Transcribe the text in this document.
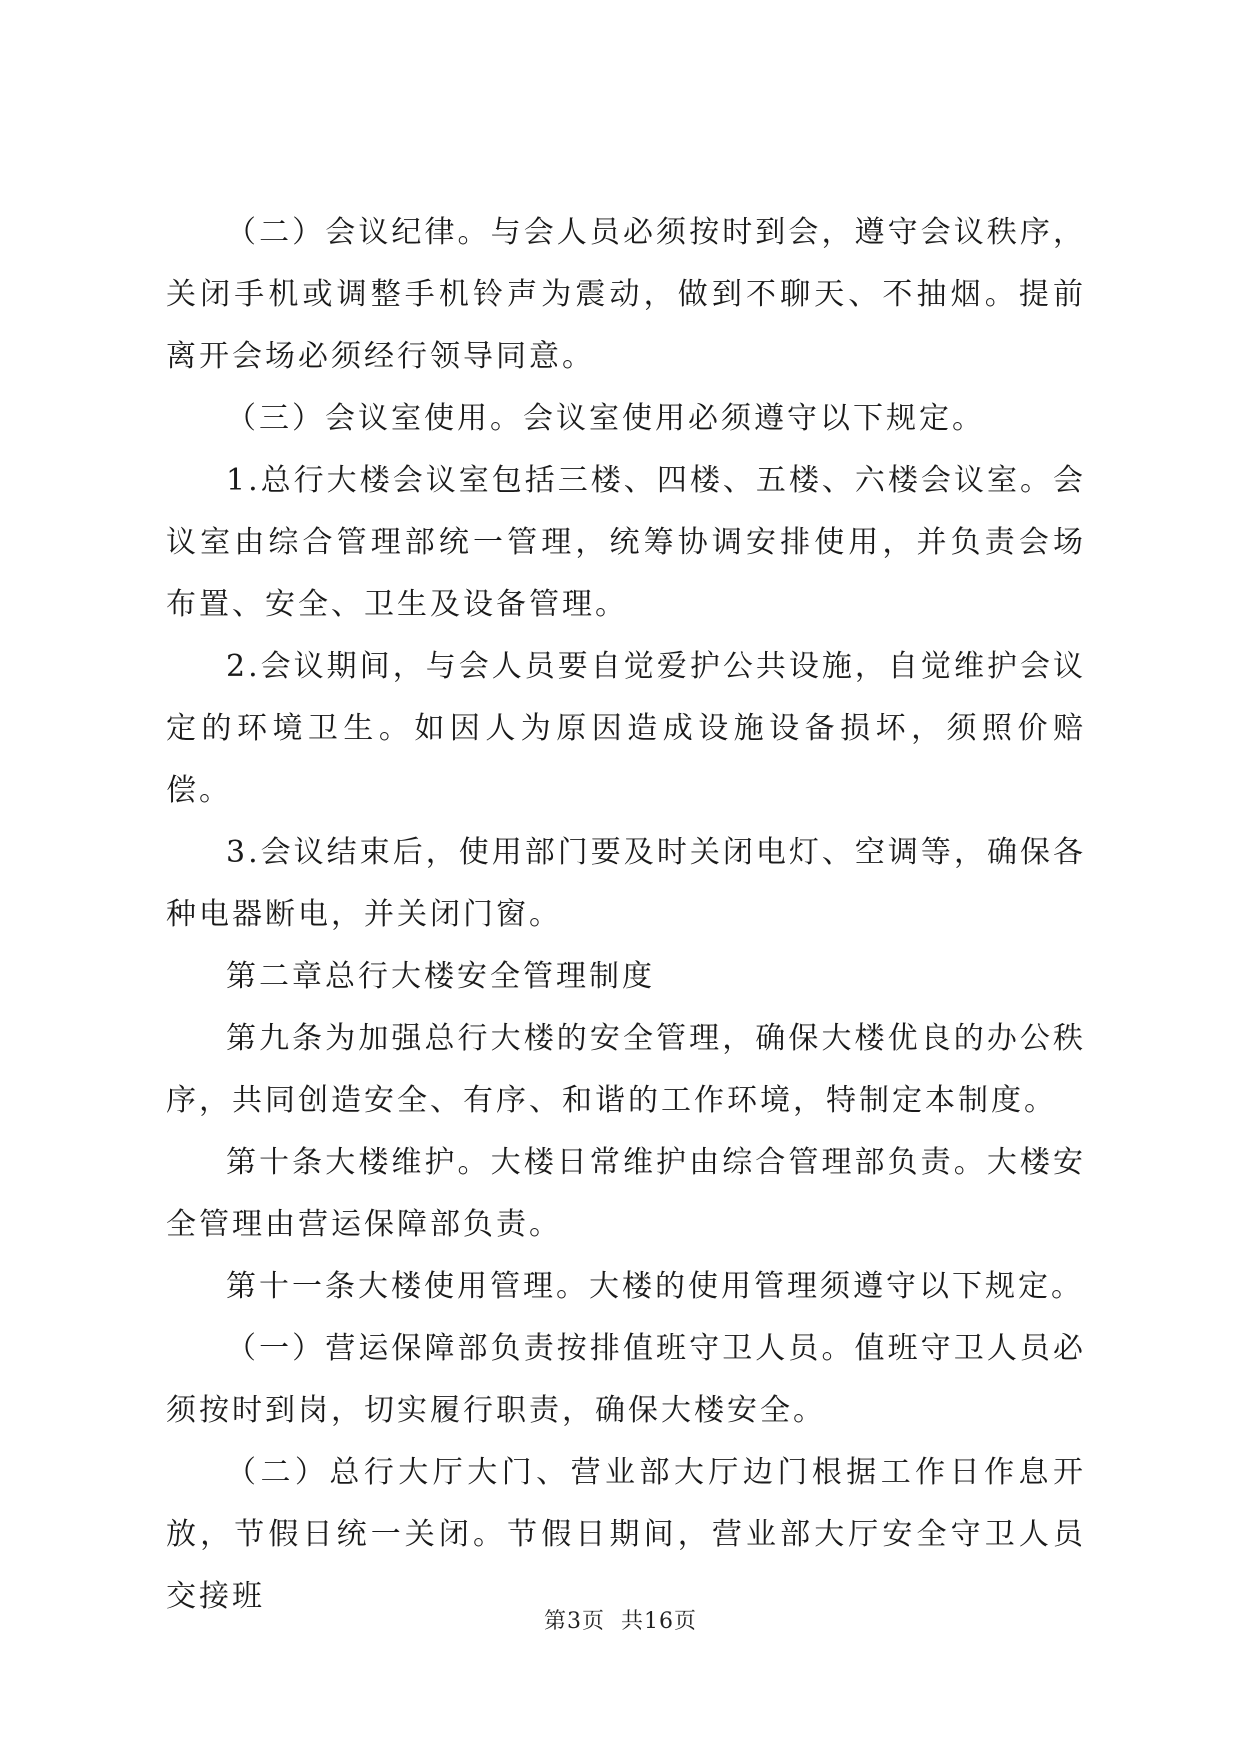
（二）会议纪律。与会人员必须按时到会，遵守会议秩序，关闭手机或调整手机铃声为震动，做到不聊天、不抽烟。提前离开会场必须经行领导同意。

（三）会议室使用。会议室使用必须遵守以下规定。

1.总行大楼会议室包括三楼、四楼、五楼、六楼会议室。会议室由综合管理部统一管理，统筹协调安排使用，并负责会场布置、安全、卫生及设备管理。

2.会议期间，与会人员要自觉爱护公共设施，自觉维护会议定的环境卫生。如因人为原因造成设施设备损坏，须照价赔偿。

3.会议结束后，使用部门要及时关闭电灯、空调等，确保各种电器断电，并关闭门窗。

第二章总行大楼安全管理制度

第九条为加强总行大楼的安全管理，确保大楼优良的办公秩序，共同创造安全、有序、和谐的工作环境，特制定本制度。

第十条大楼维护。大楼日常维护由综合管理部负责。大楼安全管理由营运保障部负责。

第十一条大楼使用管理。大楼的使用管理须遵守以下规定。

（一）营运保障部负责按排值班守卫人员。值班守卫人员必须按时到岗，切实履行职责，确保大楼安全。

（二）总行大厅大门、营业部大厅边门根据工作日作息开放，节假日统一关闭。节假日期间，营业部大厅安全守卫人员交接班

第3页 共16页
